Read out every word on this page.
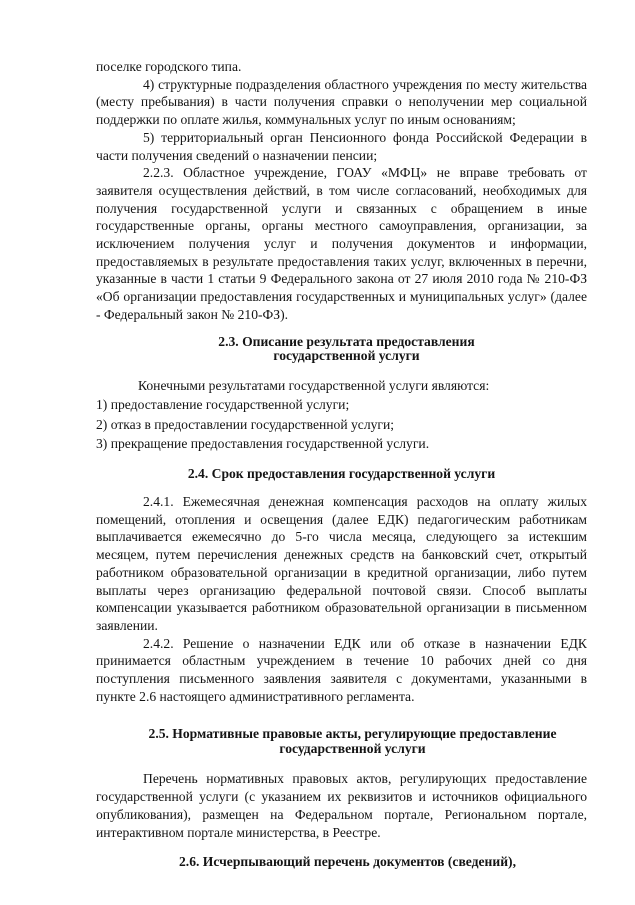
поселке городского типа.

4) структурные подразделения областного учреждения по месту жительства (месту пребывания) в части получения справки о неполучении мер социальной поддержки по оплате жилья, коммунальных услуг по иным основаниям;

5) территориальный орган Пенсионного фонда Российской Федерации в части получения сведений о назначении пенсии;

2.2.3. Областное учреждение, ГОАУ «МФЦ» не вправе требовать от заявителя осуществления действий, в том числе согласований, необходимых для получения государственной услуги и связанных с обращением в иные государственные органы, органы местного самоуправления, организации, за исключением получения услуг и получения документов и информации, предоставляемых в результате предоставления таких услуг, включенных в перечни, указанные в части 1 статьи 9 Федерального закона от 27 июля 2010 года № 210-ФЗ «Об организации предоставления государственных и муниципальных услуг» (далее - Федеральный закон № 210-ФЗ).

2.3. Описание результата предоставления
государственной услуги

Конечными результатами государственной услуги являются:

1) предоставление государственной услуги;

2) отказ в предоставлении государственной услуги;

3) прекращение предоставления государственной услуги.

2.4. Срок предоставления государственной услуги

2.4.1. Ежемесячная денежная компенсация расходов на оплату жилых помещений, отопления и освещения (далее ЕДК) педагогическим работникам выплачивается ежемесячно до 5-го числа месяца, следующего за истекшим месяцем, путем перечисления денежных средств на банковский счет, открытый работником образовательной организации в кредитной организации, либо путем выплаты через организацию федеральной почтовой связи. Способ выплаты компенсации указывается работником образовательной организации в письменном заявлении.

2.4.2. Решение о назначении ЕДК или об отказе в назначении ЕДК принимается областным учреждением в течение 10 рабочих дней со дня поступления письменного заявления заявителя с документами, указанными в пункте 2.6 настоящего административного регламента.

2.5. Нормативные правовые акты, регулирующие предоставление
государственной услуги

Перечень нормативных правовых актов, регулирующих предоставление государственной услуги (с указанием их реквизитов и источников официального опубликования), размещен на Федеральном портале, Региональном портале, интерактивном портале министерства, в Реестре.

2.6. Исчерпывающий перечень документов (сведений),
